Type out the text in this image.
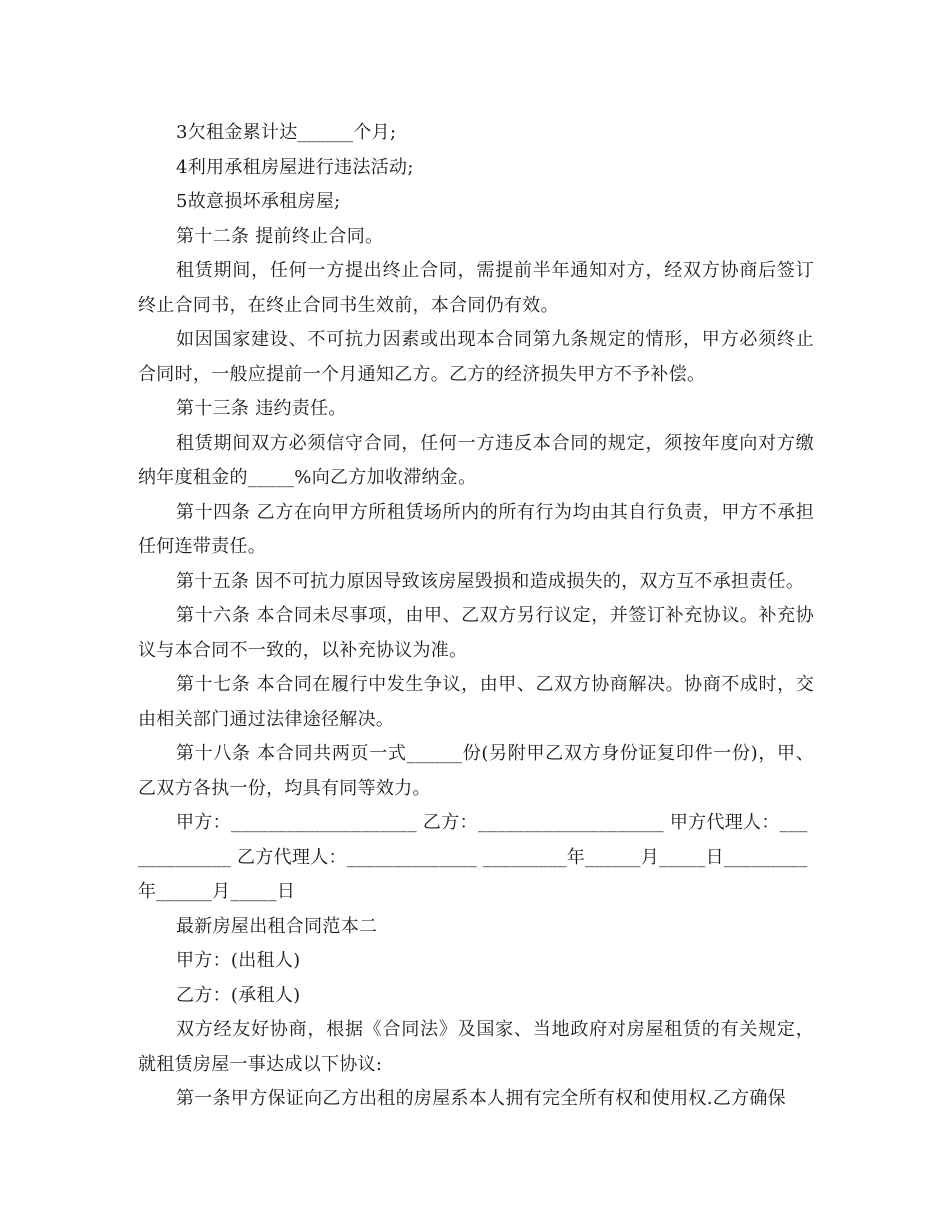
3欠租金累计达______个月;

4利用承租房屋进行违法活动;

5故意损坏承租房屋;

第十二条 提前终止合同。

租赁期间，任何一方提出终止合同，需提前半年通知对方，经双方协商后签订终止合同书，在终止合同书生效前，本合同仍有效。

如因国家建设、不可抗力因素或出现本合同第九条规定的情形，甲方必须终止合同时，一般应提前一个月通知乙方。乙方的经济损失甲方不予补偿。

第十三条 违约责任。

租赁期间双方必须信守合同，任何一方违反本合同的规定，须按年度向对方缴纳年度租金的_____%向乙方加收滞纳金。

第十四条 乙方在向甲方所租赁场所内的所有行为均由其自行负责，甲方不承担任何连带责任。

第十五条 因不可抗力原因导致该房屋毁损和造成损失的，双方互不承担责任。

第十六条 本合同未尽事项，由甲、乙双方另行议定，并签订补充协议。补充协议与本合同不一致的，以补充协议为准。

第十七条 本合同在履行中发生争议，由甲、乙双方协商解决。协商不成时，交由相关部门通过法律途径解决。

第十八条 本合同共两页一式______份(另附甲乙双方身份证复印件一份)，甲、乙双方各执一份，均具有同等效力。

甲方：____________________ 乙方：____________________ 甲方代理人：_____________ 乙方代理人：______________ _________年______月_____日_________年______月_____日

最新房屋出租合同范本二

甲方：(出租人)

乙方：(承租人)

双方经友好协商，根据《合同法》及国家、当地政府对房屋租赁的有关规定，就租赁房屋一事达成以下协议:

第一条甲方保证向乙方出租的房屋系本人拥有完全所有权和使用权.乙方确保
